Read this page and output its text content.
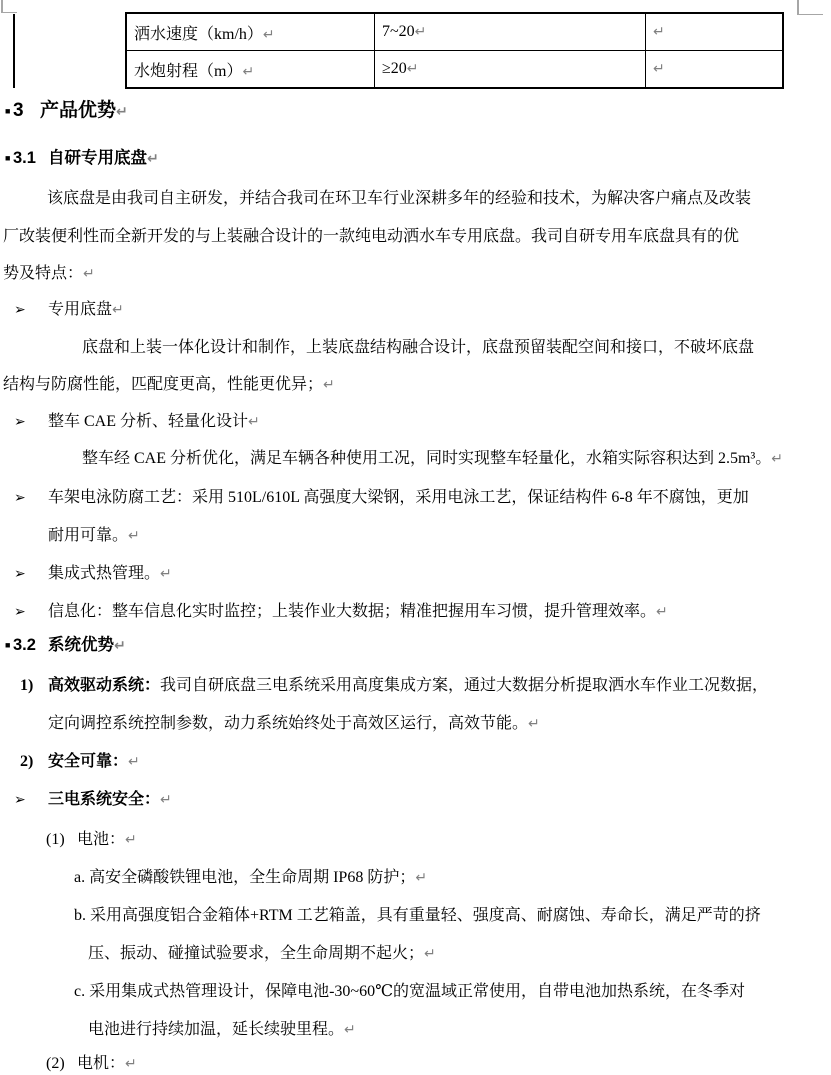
洒水速度（km/h）↵	7~20↵	↵
水炮射程（m）↵	≥20↵	↵
■ 3 产品优势↵
■ 3.1 自研专用底盘↵
该底盘是由我司自主研发，并结合我司在环卫车行业深耕多年的经验和技术，为解决客户痛点及改装
厂改装便利性而全新开发的与上装融合设计的一款纯电动洒水车专用底盘。我司自研专用车底盘具有的优
势及特点：↵
➢ 专用底盘↵
底盘和上装一体化设计和制作，上装底盘结构融合设计，底盘预留装配空间和接口，不破坏底盘
结构与防腐性能，匹配度更高，性能更优异；↵
➢ 整车 CAE 分析、轻量化设计↵
整车经 CAE 分析优化，满足车辆各种使用工况，同时实现整车轻量化，水箱实际容积达到 2.5m³。↵
➢ 车架电泳防腐工艺：采用 510L/610L 高强度大梁钢，采用电泳工艺，保证结构件 6-8 年不腐蚀，更加
耐用可靠。↵
➢ 集成式热管理。↵
➢ 信息化：整车信息化实时监控；上装作业大数据；精准把握用车习惯，提升管理效率。↵
■ 3.2 系统优势↵
1) 高效驱动系统：我司自研底盘三电系统采用高度集成方案，通过大数据分析提取洒水车作业工况数据，
定向调控系统控制参数，动力系统始终处于高效区运行，高效节能。↵
2) 安全可靠：↵
➢ 三电系统安全：↵
(1) 电池：↵
a. 高安全磷酸铁锂电池，全生命周期 IP68 防护；↵
b. 采用高强度铝合金箱体+RTM 工艺箱盖，具有重量轻、强度高、耐腐蚀、寿命长，满足严苛的挤
压、振动、碰撞试验要求，全生命周期不起火；↵
c. 采用集成式热管理设计，保障电池-30~60℃的宽温域正常使用，自带电池加热系统，在冬季对
电池进行持续加温，延长续驶里程。↵
(2) 电机：↵
